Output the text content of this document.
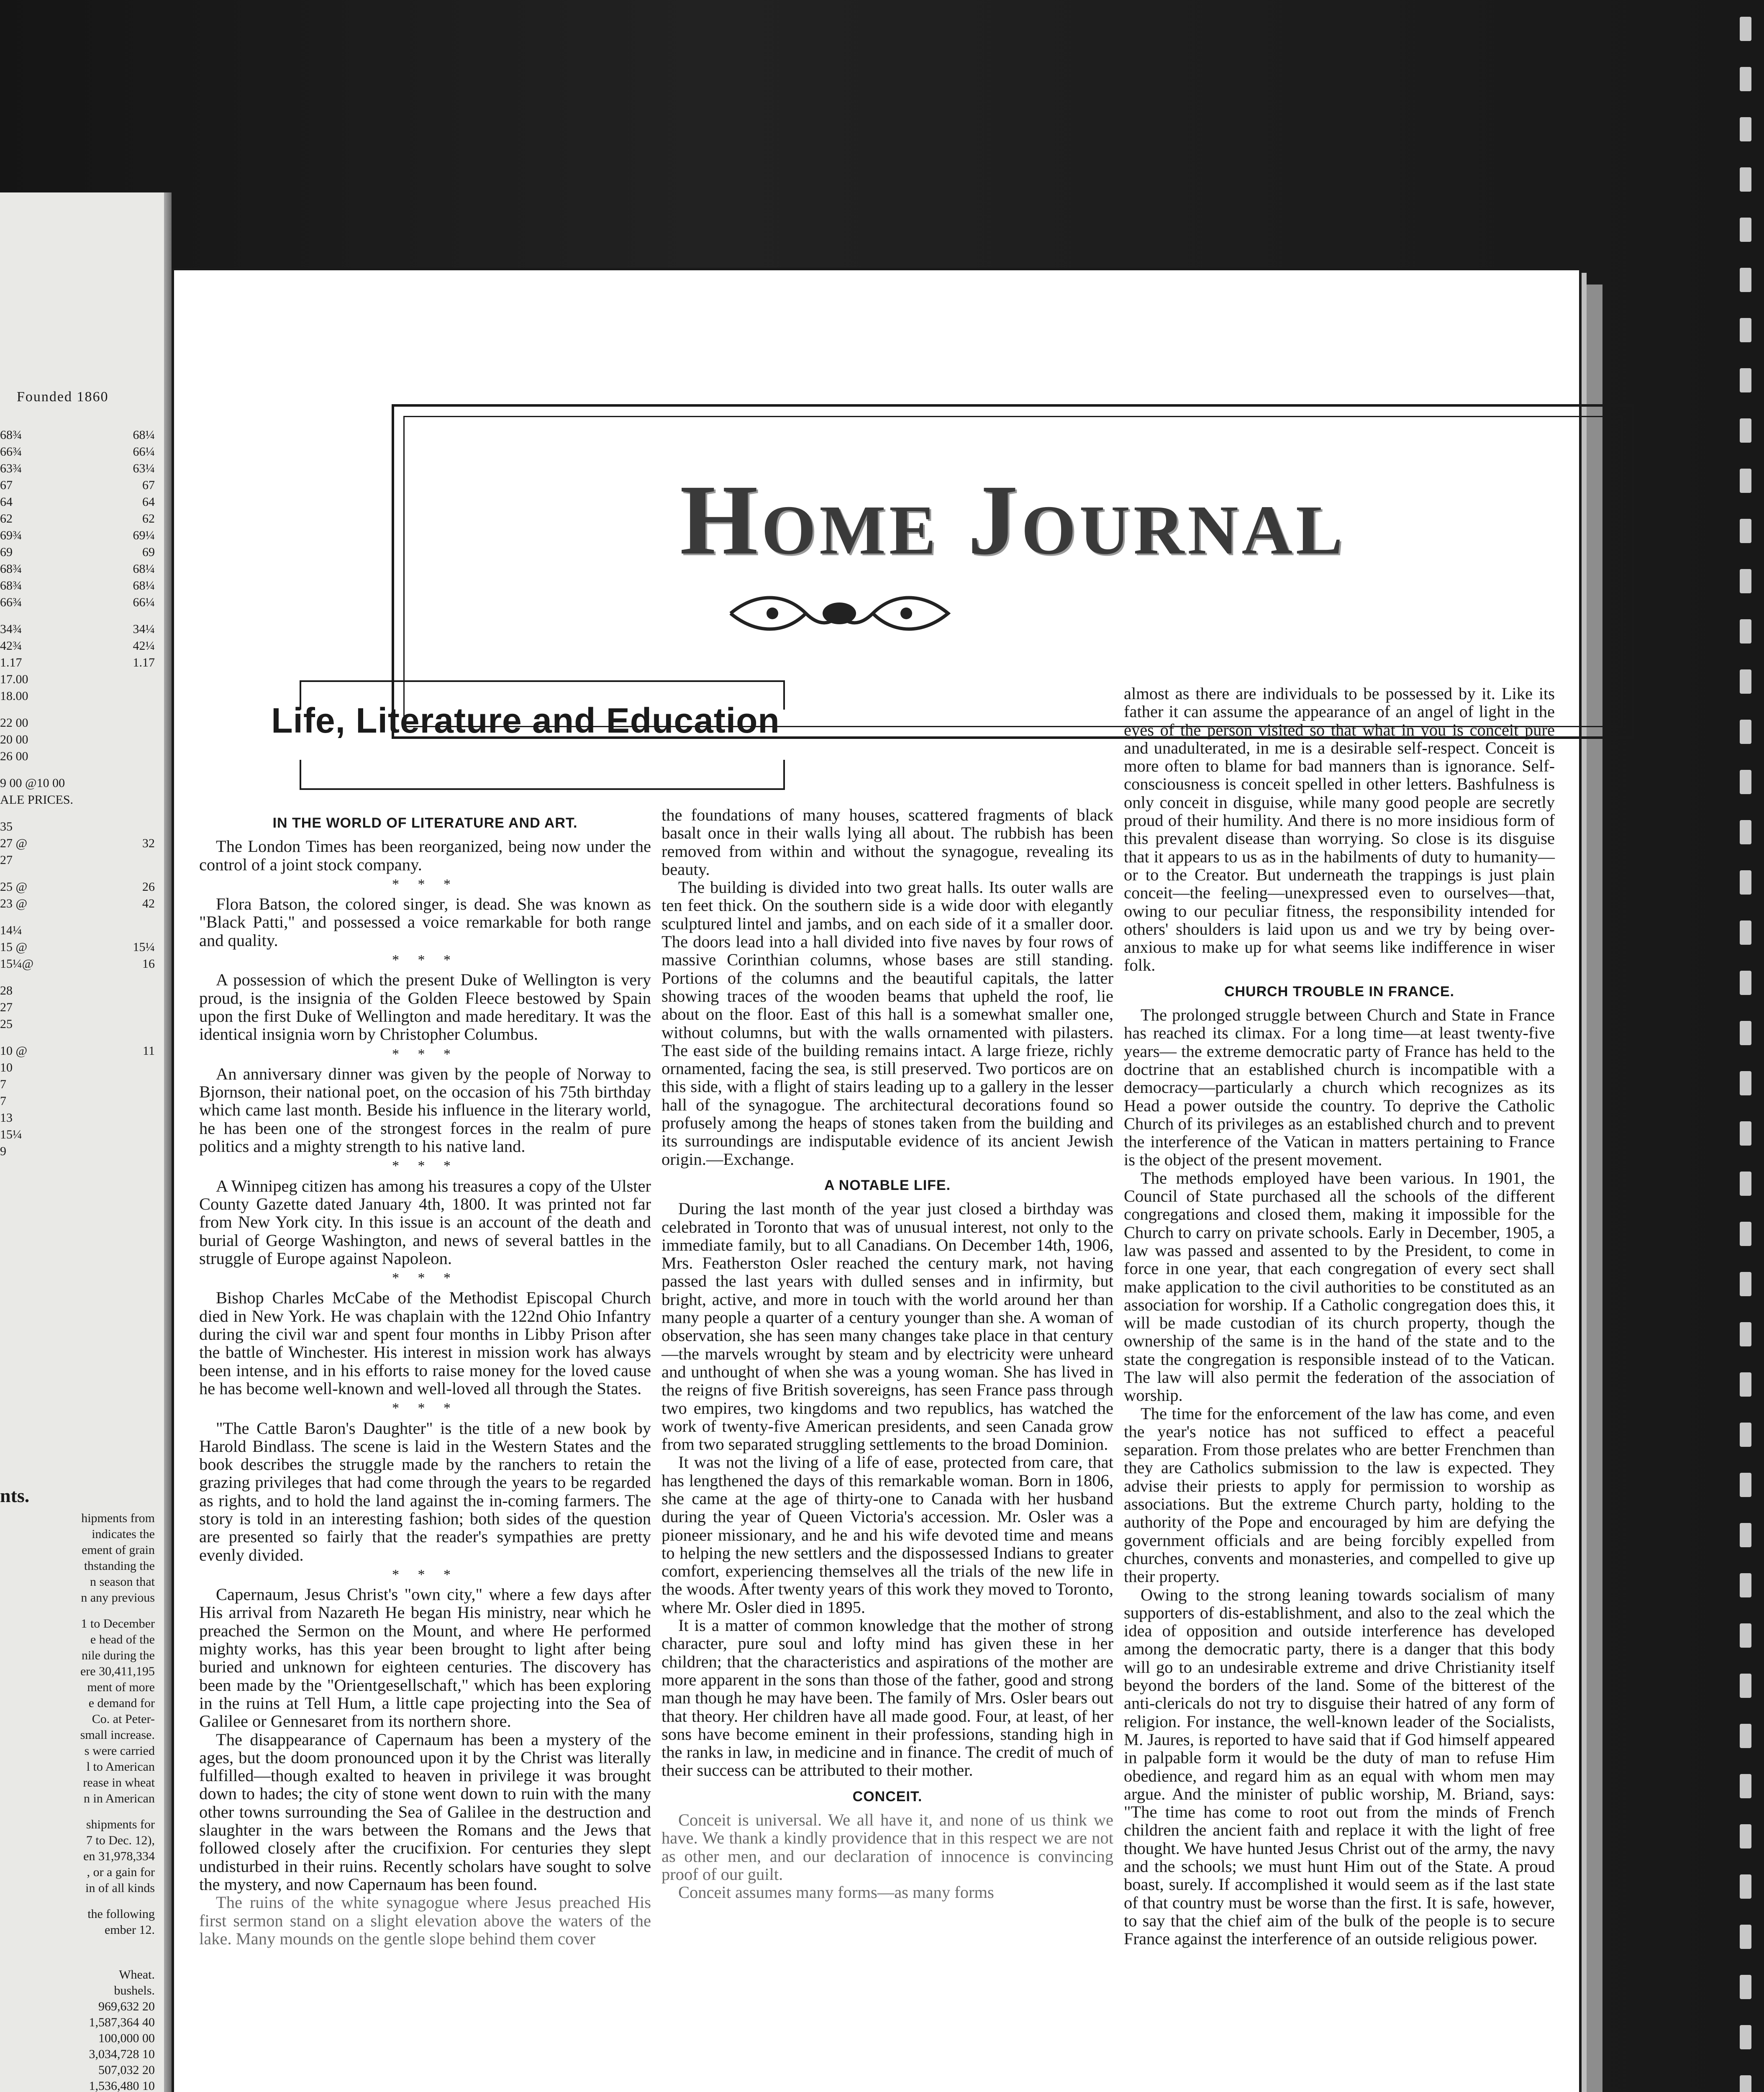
Founded 1860
68¾	68¼
66¾	66¼
63¾	63¼
67	67
64	64
62	62
69¾	69¼
69	69
68¾	68¼
68¾	68¼
66¾	66¼
34¾	34¼
42¾	42¼
1.17	1.17
17.00
18.00
22 00
20 00
26 00
9 00 @10 00
ALE PRICES.
35
27 @	32
27
25 @	26
23 @	42
14¼
15 @	15¼
15¼@	16
28
27
25
10 @	11
10
7
7
13
15¼
9
nts.
hipments from
indicates the
ement of grain
thstanding the
n season that
n any previous
1 to December
e head of the
nile during the
ere 30,411,195
ment of more
e demand for
Co. at Peter-
small increase.
s were carried
l to American
rease in wheat
n in American
shipments for
7 to Dec. 12),
en 31,978,334
, or a gain for
in of all kinds
the following
ember 12.
Wheat.
bushels.
969,632 20
1,587,364 40
100,000 00
3,034,728 10
507,032 20
1,536,480 10
Home Journal
Life, Literature and Education

IN THE WORLD OF LITERATURE AND ART.

The London Times has been reorganized, being now under the control of a joint stock company.

* * *

Flora Batson, the colored singer, is dead. She was known as "Black Patti," and possessed a voice remarkable for both range and quality.

* * *

A possession of which the present Duke of Wellington is very proud, is the insignia of the Golden Fleece bestowed by Spain upon the first Duke of Wellington and made hereditary. It was the identical insignia worn by Christopher Columbus.

* * *

An anniversary dinner was given by the people of Norway to Bjornson, their national poet, on the occasion of his 75th birthday which came last month. Beside his influence in the literary world, he has been one of the strongest forces in the realm of pure politics and a mighty strength to his native land.

* * *

A Winnipeg citizen has among his treasures a copy of the Ulster County Gazette dated January 4th, 1800. It was printed not far from New York city. In this issue is an account of the death and burial of George Washington, and news of several battles in the struggle of Europe against Napoleon.

* * *

Bishop Charles McCabe of the Methodist Episcopal Church died in New York. He was chaplain with the 122nd Ohio Infantry during the civil war and spent four months in Libby Prison after the battle of Winchester. His interest in mission work has always been intense, and in his efforts to raise money for the loved cause he has become well-known and well-loved all through the States.

* * *

"The Cattle Baron's Daughter" is the title of a new book by Harold Bindlass. The scene is laid in the Western States and the book describes the struggle made by the ranchers to retain the grazing privileges that had come through the years to be regarded as rights, and to hold the land against the in-coming farmers. The story is told in an interesting fashion; both sides of the question are presented so fairly that the reader's sympathies are pretty evenly divided.

* * *

Capernaum, Jesus Christ's "own city," where a few days after His arrival from Nazareth He began His ministry, near which he preached the Sermon on the Mount, and where He performed mighty works, has this year been brought to light after being buried and unknown for eighteen centuries. The discovery has been made by the "Orientgesellschaft," which has been exploring in the ruins at Tell Hum, a little cape projecting into the Sea of Galilee or Gennesaret from its northern shore.

The disappearance of Capernaum has been a mystery of the ages, but the doom pronounced upon it by the Christ was literally fulfilled—though exalted to heaven in privilege it was brought down to hades; the city of stone went down to ruin with the many other towns surrounding the Sea of Galilee in the destruction and slaughter in the wars between the Romans and the Jews that followed closely after the crucifixion. For centuries they slept undisturbed in their ruins. Recently scholars have sought to solve the mystery, and now Capernaum has been found.

The ruins of the white synagogue where Jesus preached His first sermon stand on a slight elevation above the waters of the lake. Many mounds on the gentle slope behind them cover

the foundations of many houses, scattered fragments of black basalt once in their walls lying all about. The rubbish has been removed from within and without the synagogue, revealing its beauty.

The building is divided into two great halls. Its outer walls are ten feet thick. On the southern side is a wide door with elegantly sculptured lintel and jambs, and on each side of it a smaller door. The doors lead into a hall divided into five naves by four rows of massive Corinthian columns, whose bases are still standing. Portions of the columns and the beautiful capitals, the latter showing traces of the wooden beams that upheld the roof, lie about on the floor. East of this hall is a somewhat smaller one, without columns, but with the walls ornamented with pilasters. The east side of the building remains intact. A large frieze, richly ornamented, facing the sea, is still preserved. Two porticos are on this side, with a flight of stairs leading up to a gallery in the lesser hall of the synagogue. The architectural decorations found so profusely among the heaps of stones taken from the building and its surroundings are indisputable evidence of its ancient Jewish origin.—Exchange.

A NOTABLE LIFE.

During the last month of the year just closed a birthday was celebrated in Toronto that was of unusual interest, not only to the immediate family, but to all Canadians. On December 14th, 1906, Mrs. Featherston Osler reached the century mark, not having passed the last years with dulled senses and in infirmity, but bright, active, and more in touch with the world around her than many people a quarter of a century younger than she. A woman of observation, she has seen many changes take place in that century—the marvels wrought by steam and by electricity were unheard and unthought of when she was a young woman. She has lived in the reigns of five British sovereigns, has seen France pass through two empires, two kingdoms and two republics, has watched the work of twenty-five American presidents, and seen Canada grow from two separated struggling settlements to the broad Dominion.

It was not the living of a life of ease, protected from care, that has lengthened the days of this remarkable woman. Born in 1806, she came at the age of thirty-one to Canada with her husband during the year of Queen Victoria's accession. Mr. Osler was a pioneer missionary, and he and his wife devoted time and means to helping the new settlers and the dispossessed Indians to greater comfort, experiencing themselves all the trials of the new life in the woods. After twenty years of this work they moved to Toronto, where Mr. Osler died in 1895.

It is a matter of common knowledge that the mother of strong character, pure soul and lofty mind has given these in her children; that the characteristics and aspirations of the mother are more apparent in the sons than those of the father, good and strong man though he may have been. The family of Mrs. Osler bears out that theory. Her children have all made good. Four, at least, of her sons have become eminent in their professions, standing high in the ranks in law, in medicine and in finance. The credit of much of their success can be attributed to their mother.

CONCEIT.

Conceit is universal. We all have it, and none of us think we have. We thank a kindly providence that in this respect we are not as other men, and our declaration of innocence is convincing proof of our guilt.

Conceit assumes many forms—as many forms

almost as there are individuals to be possessed by it. Like its father it can assume the appearance of an angel of light in the eyes of the person visited so that what in you is conceit pure and unadulterated, in me is a desirable self-respect. Conceit is more often to blame for bad manners than is ignorance. Self-consciousness is conceit spelled in other letters. Bashfulness is only conceit in disguise, while many good people are secretly proud of their humility. And there is no more insidious form of this prevalent disease than worrying. So close is its disguise that it appears to us as in the habilments of duty to humanity—or to the Creator. But underneath the trappings is just plain conceit—the feeling—unexpressed even to ourselves—that, owing to our peculiar fitness, the responsibility intended for others' shoulders is laid upon us and we try by being over-anxious to make up for what seems like indifference in wiser folk.

CHURCH TROUBLE IN FRANCE.

The prolonged struggle between Church and State in France has reached its climax. For a long time—at least twenty-five years— the extreme democratic party of France has held to the doctrine that an established church is incompatible with a democracy—particularly a church which recognizes as its Head a power outside the country. To deprive the Catholic Church of its privileges as an established church and to prevent the interference of the Vatican in matters pertaining to France is the object of the present movement.

The methods employed have been various. In 1901, the Council of State purchased all the schools of the different congregations and closed them, making it impossible for the Church to carry on private schools. Early in December, 1905, a law was passed and assented to by the President, to come in force in one year, that each congregation of every sect shall make application to the civil authorities to be constituted as an association for worship. If a Catholic congregation does this, it will be made custodian of its church property, though the ownership of the same is in the hand of the state and to the state the congregation is responsible instead of to the Vatican. The law will also permit the federation of the association of worship.

The time for the enforcement of the law has come, and even the year's notice has not sufficed to effect a peaceful separation. From those prelates who are better Frenchmen than they are Catholics submission to the law is expected. They advise their priests to apply for permission to worship as associations. But the extreme Church party, holding to the authority of the Pope and encouraged by him are defying the government officials and are being forcibly expelled from churches, convents and monasteries, and compelled to give up their property.

Owing to the strong leaning towards socialism of many supporters of dis-establishment, and also to the zeal which the idea of opposition and outside interference has developed among the democratic party, there is a danger that this body will go to an undesirable extreme and drive Christianity itself beyond the borders of the land. Some of the bitterest of the anti-clericals do not try to disguise their hatred of any form of religion. For instance, the well-known leader of the Socialists, M. Jaures, is reported to have said that if God himself appeared in palpable form it would be the duty of man to refuse Him obedience, and regard him as an equal with whom men may argue. And the minister of public worship, M. Briand, says: "The time has come to root out from the minds of French children the ancient faith and replace it with the light of free thought. We have hunted Jesus Christ out of the army, the navy and the schools; we must hunt Him out of the State. A proud boast, surely. If accomplished it would seem as if the last state of that country must be worse than the first. It is safe, however, to say that the chief aim of the bulk of the people is to secure France against the interference of an outside religious power.
